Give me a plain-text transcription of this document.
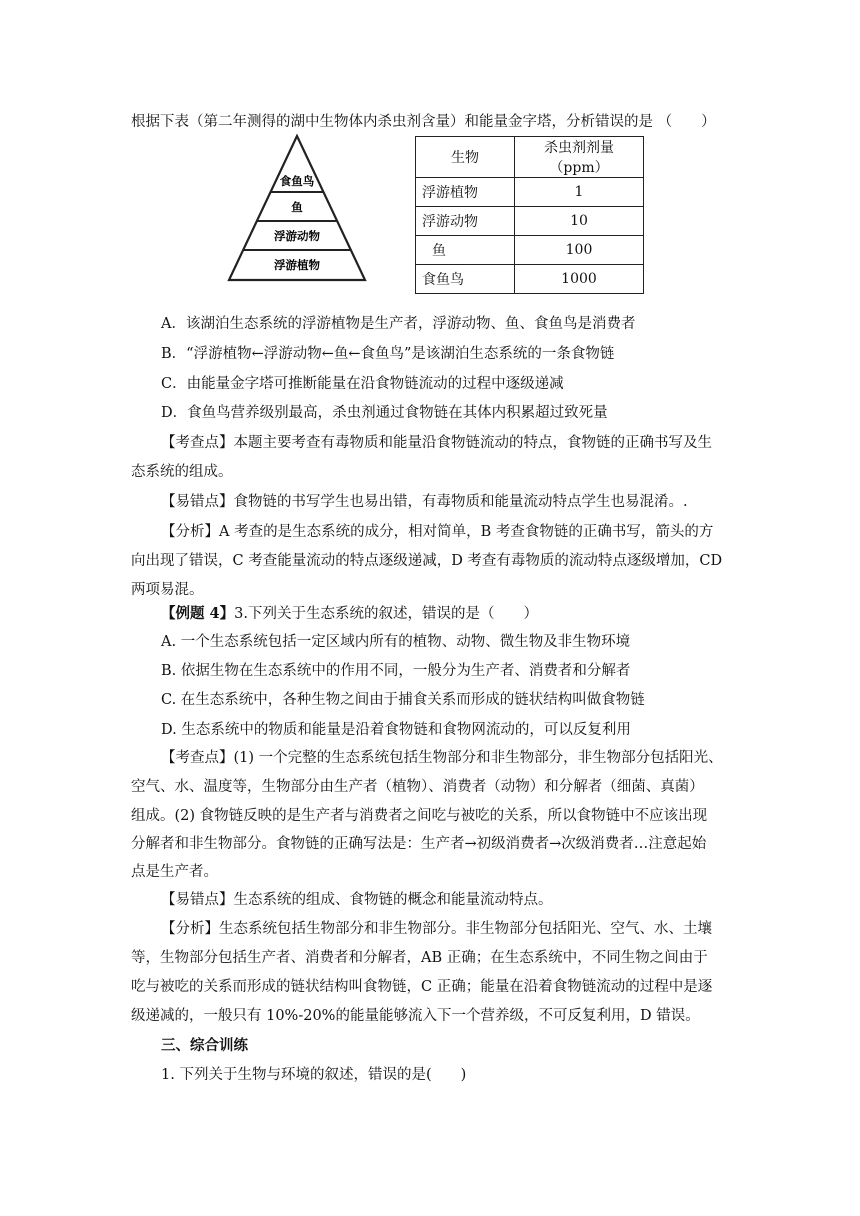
根据下表（第二年测得的湖中生物体内杀虫剂含量）和能量金字塔，分析错误的是 （　　）
食鱼鸟
鱼
浮游动物
浮游植物
生物	杀虫剂剂量（ppm）
浮游植物	1
浮游动物	10
鱼	100
食鱼鸟	1000
A．该湖泊生态系统的浮游植物是生产者，浮游动物、鱼、食鱼鸟是消费者
B．“浮游植物←浮游动物←鱼←食鱼鸟”是该湖泊生态系统的一条食物链
C．由能量金字塔可推断能量在沿食物链流动的过程中逐级递减
D．食鱼鸟营养级别最高，杀虫剂通过食物链在其体内积累超过致死量
【考查点】本题主要考查有毒物质和能量沿食物链流动的特点，食物链的正确书写及生
态系统的组成。
【易错点】食物链的书写学生也易出错，有毒物质和能量流动特点学生也易混淆。.
【分析】A 考查的是生态系统的成分，相对简单，B 考查食物链的正确书写，箭头的方
向出现了错误，C 考查能量流动的特点逐级递减，D 考查有毒物质的流动特点逐级增加，CD
两项易混。
【例题 4】3.下列关于生态系统的叙述，错误的是（　　）
A. 一个生态系统包括一定区域内所有的植物、动物、微生物及非生物环境
B. 依据生物在生态系统中的作用不同，一般分为生产者、消费者和分解者
C. 在生态系统中，各种生物之间由于捕食关系而形成的链状结构叫做食物链
D. 生态系统中的物质和能量是沿着食物链和食物网流动的，可以反复利用
【考查点】(1) 一个完整的生态系统包括生物部分和非生物部分，非生物部分包括阳光、
空气、水、温度等，生物部分由生产者（植物）、消费者（动物）和分解者（细菌、真菌）
组成。(2) 食物链反映的是生产者与消费者之间吃与被吃的关系，所以食物链中不应该出现
分解者和非生物部分。食物链的正确写法是：生产者→初级消费者→次级消费者…注意起始
点是生产者。
【易错点】生态系统的组成、食物链的概念和能量流动特点。
【分析】生态系统包括生物部分和非生物部分。非生物部分包括阳光、空气、水、土壤
等，生物部分包括生产者、消费者和分解者，AB 正确；在生态系统中，不同生物之间由于
吃与被吃的关系而形成的链状结构叫食物链，C 正确；能量在沿着食物链流动的过程中是逐
级递减的，一般只有 10%-20%的能量能够流入下一个营养级，不可反复利用，D 错误。
三、综合训练
1. 下列关于生物与环境的叙述，错误的是(　　)
